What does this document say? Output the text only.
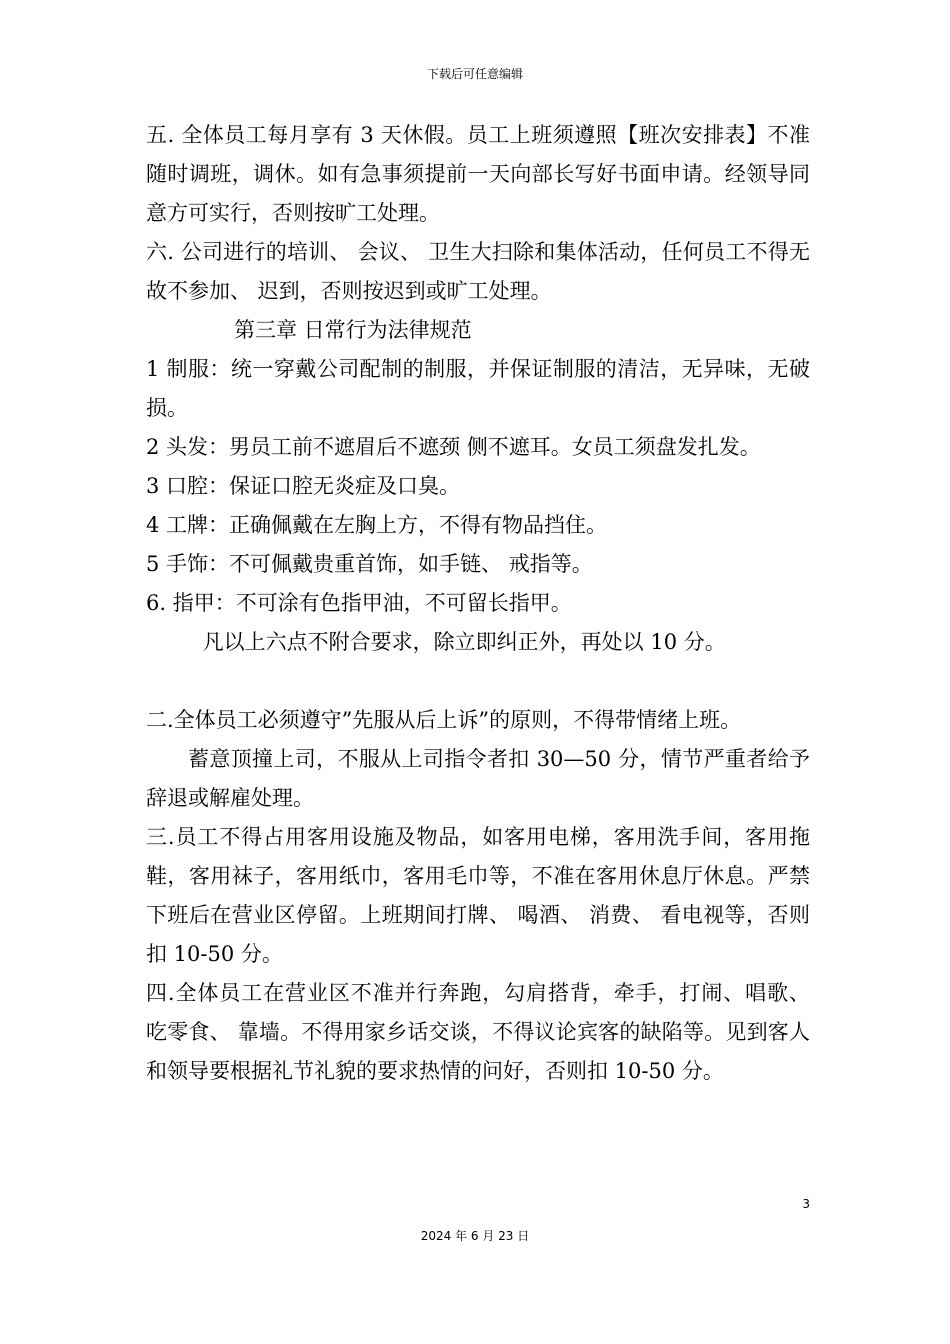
下载后可任意编辑

五. 全体员工每月享有 3 天休假。员工上班须遵照【班次安排表】不准随时调班，调休。如有急事须提前一天向部长写好书面申请。经领导同意方可实行，否则按旷工处理。

六. 公司进行的培训、 会议、 卫生大扫除和集体活动，任何员工不得无故不参加、 迟到，否则按迟到或旷工处理。

第三章 日常行为法律规范

1 制服：统一穿戴公司配制的制服，并保证制服的清洁，无异味，无破损。

2 头发：男员工前不遮眉后不遮颈 侧不遮耳。女员工须盘发扎发。

3 口腔：保证口腔无炎症及口臭。

4 工牌：正确佩戴在左胸上方，不得有物品挡住。

5 手饰：不可佩戴贵重首饰，如手链、 戒指等。

6. 指甲：不可涂有色指甲油，不可留长指甲。

凡以上六点不附合要求，除立即纠正外，再处以 10 分。

二.全体员工必须遵守”先服从后上诉”的原则，不得带情绪上班。

蓄意顶撞上司，不服从上司指令者扣 30—50 分，情节严重者给予辞退或解雇处理。

三.员工不得占用客用设施及物品，如客用电梯，客用洗手间，客用拖鞋，客用袜子，客用纸巾，客用毛巾等，不准在客用休息厅休息。严禁下班后在营业区停留。上班期间打牌、 喝酒、 消费、 看电视等，否则扣 10-50 分。

四.全体员工在营业区不准并行奔跑，勾肩搭背，牵手，打闹、唱歌、 吃零食、 靠墙。不得用家乡话交谈，不得议论宾客的缺陷等。见到客人和领导要根据礼节礼貌的要求热情的问好，否则扣 10-50 分。

3
2024 年 6 月 23 日
